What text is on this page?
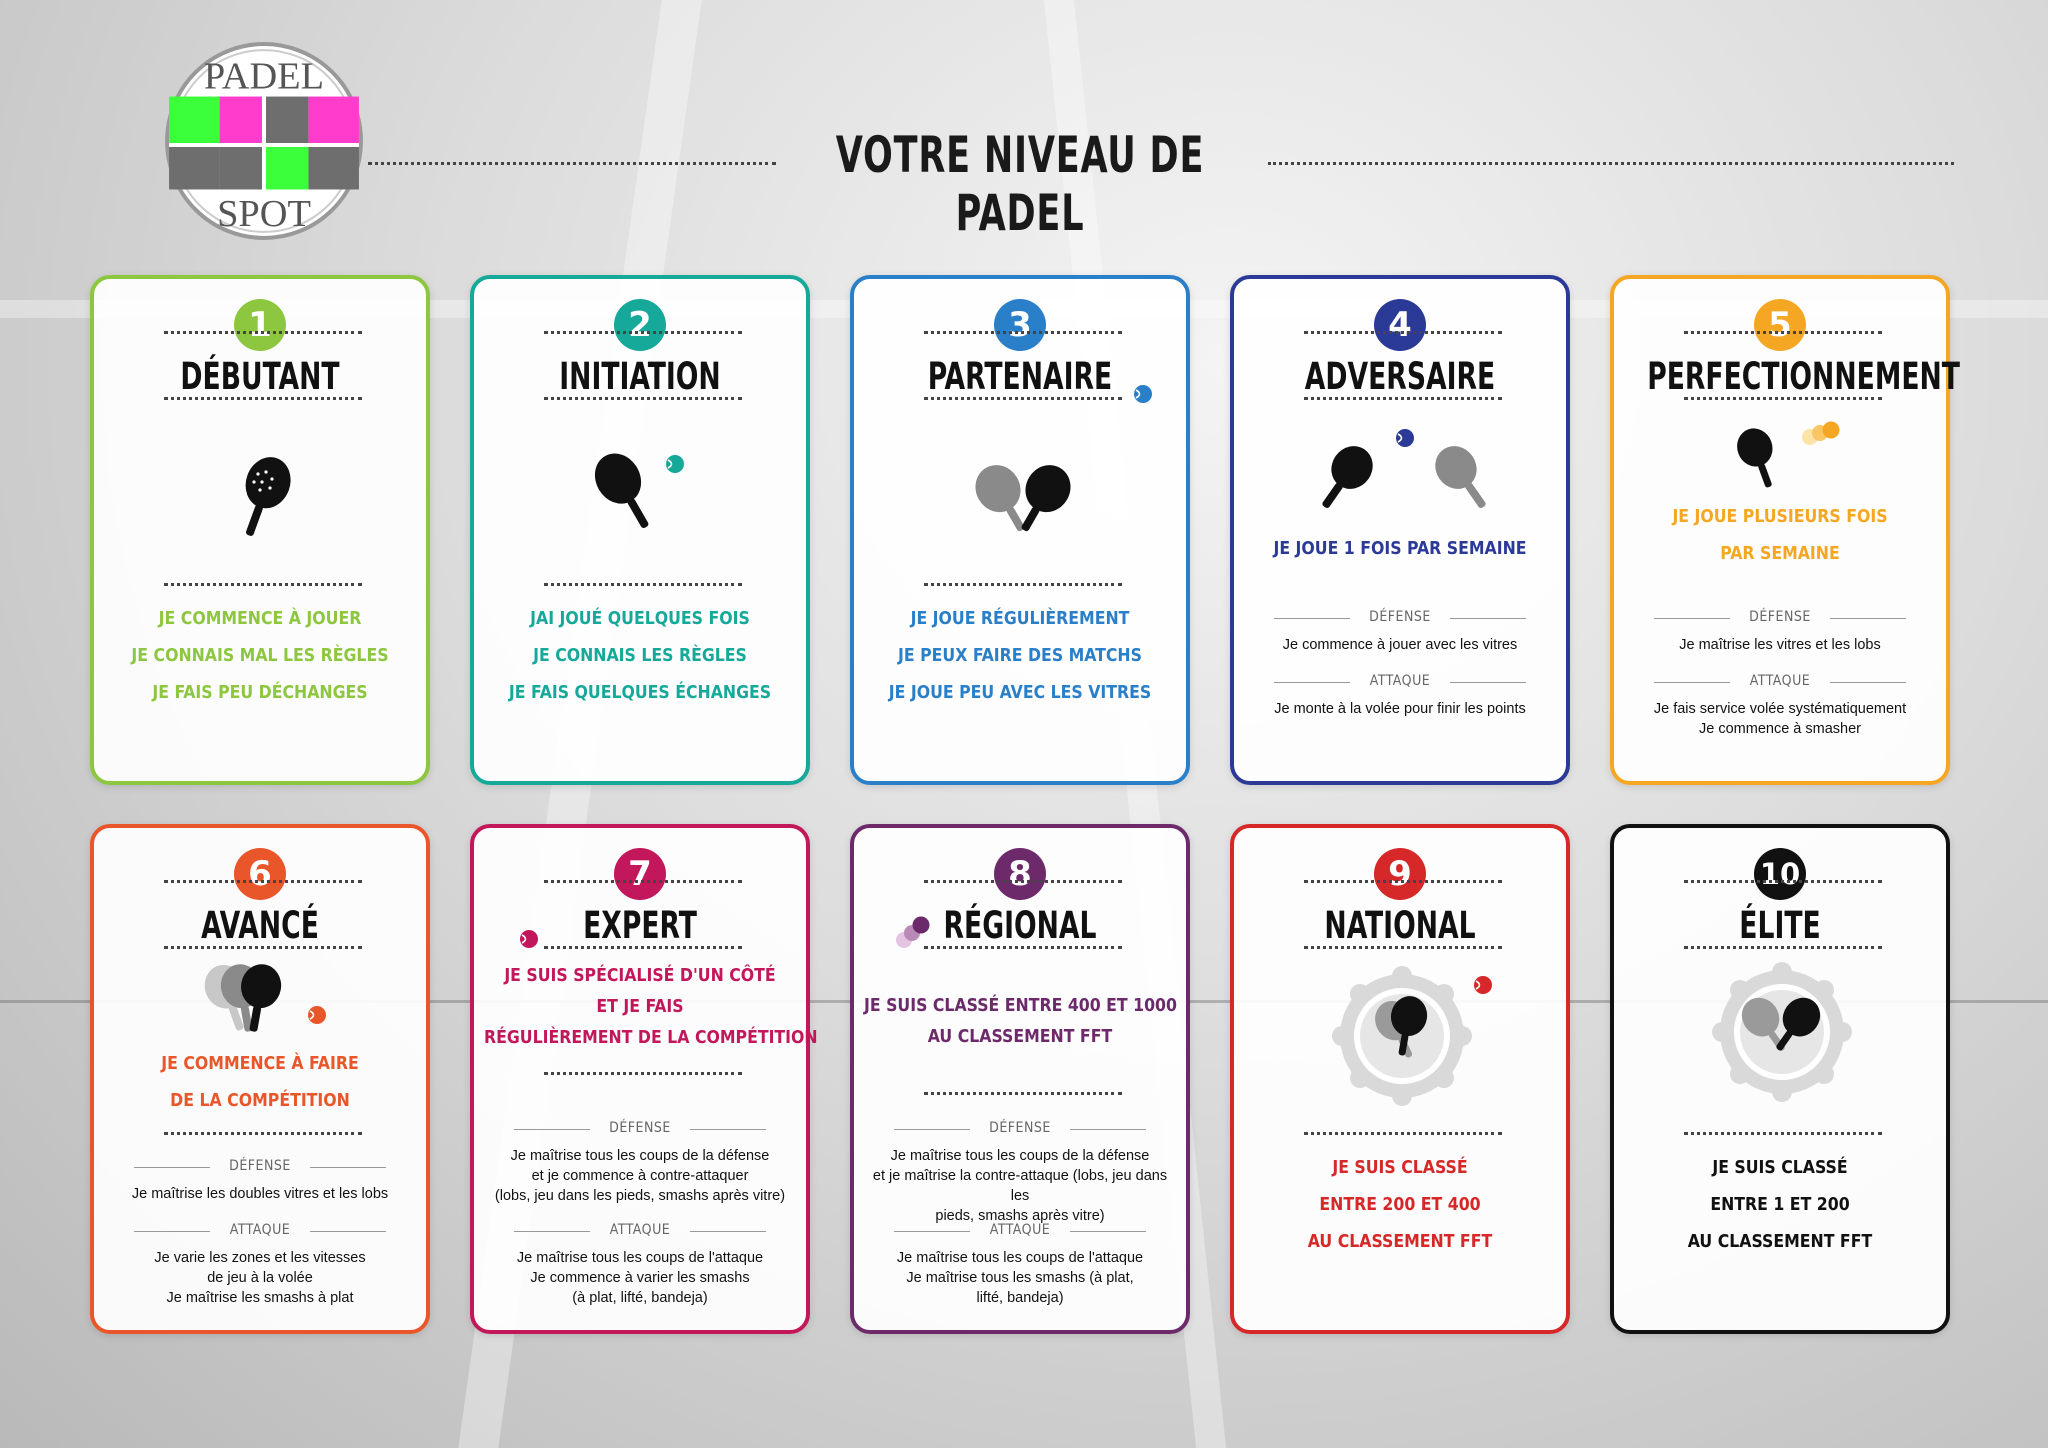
PADEL
SPOT
VOTRE NIVEAU DE PADEL
1
DÉBUTANT
JE COMMENCE À JOUER
JE CONNAIS MAL LES RÈGLES
JE FAIS PEU DÉCHANGES
2
INITIATION
JAI JOUÉ QUELQUES FOIS
JE CONNAIS LES RÈGLES
JE FAIS QUELQUES ÉCHANGES
3
PARTENAIRE
JE JOUE RÉGULIÈREMENT
JE PEUX FAIRE DES MATCHS
JE JOUE PEU AVEC LES VITRES
4
ADVERSAIRE
JE JOUE 1 FOIS PAR SEMAINE
DÉFENSE
Je commence à jouer avec les vitres
ATTAQUE
Je monte à la volée pour finir les points
5
PERFECTIONNEMENT
JE JOUE PLUSIEURS FOIS
PAR SEMAINE
DÉFENSE
Je maîtrise les vitres et les lobs
ATTAQUE
Je fais service volée systématiquement
Je commence à smasher
6
AVANCÉ
JE COMMENCE À FAIRE
DE LA COMPÉTITION
DÉFENSE
Je maîtrise les doubles vitres et les lobs
ATTAQUE
Je varie les zones et les vitesses
de jeu à la volée
Je maîtrise les smashs à plat
7
EXPERT
JE SUIS SPÉCIALISÉ D'UN CÔTÉ
ET JE FAIS
RÉGULIÈREMENT DE LA COMPÉTITION
DÉFENSE
Je maîtrise tous les coups de la défense
et je commence à contre-attaquer
(lobs, jeu dans les pieds, smashs après vitre)
ATTAQUE
Je maîtrise tous les coups de l'attaque
Je commence à varier les smashs
(à plat, lifté, bandeja)
8
RÉGIONAL
JE SUIS CLASSÉ ENTRE 400 ET 1000
AU CLASSEMENT FFT
DÉFENSE
Je maîtrise tous les coups de la défense
et je maîtrise la contre-attaque (lobs, jeu dans les
pieds, smashs après vitre)
ATTAQUE
Je maîtrise tous les coups de l'attaque
Je maîtrise tous les smashs (à plat,
lifté, bandeja)
9
NATIONAL
JE SUIS CLASSÉ
ENTRE 200 ET 400
AU CLASSEMENT FFT
10
ÉLITE
JE SUIS CLASSÉ
ENTRE 1 ET 200
AU CLASSEMENT FFT
